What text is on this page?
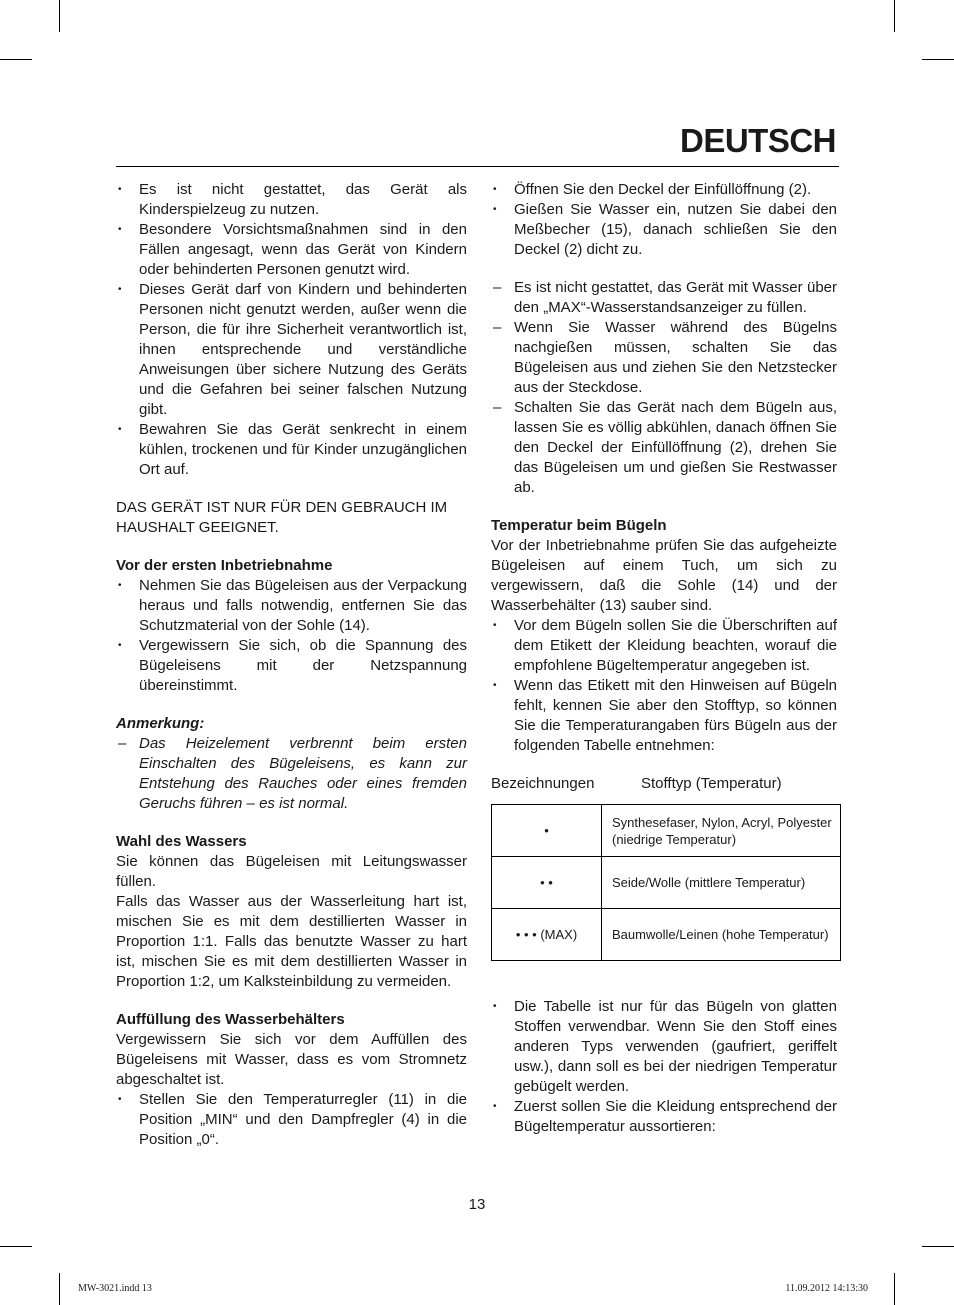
DEUTSCH
• Es ist nicht gestattet, das Gerät als Kinderspielzeug zu nutzen.
• Besondere Vorsichtsmaßnahmen sind in den Fällen angesagt, wenn das Gerät von Kindern oder behinderten Personen genutzt wird.
• Dieses Gerät darf von Kindern und behinderten Personen nicht genutzt werden, außer wenn die Person, die für ihre Sicherheit verantwortlich ist, ihnen entsprechende und verständliche Anweisungen über sichere Nutzung des Geräts und die Gefahren bei seiner falschen Nutzung gibt.
• Bewahren Sie das Gerät senkrecht in einem kühlen, trockenen und für Kinder unzugänglichen Ort auf.

DAS GERÄT IST NUR FÜR DEN GEBRAUCH IM HAUSHALT GEEIGNET.

Vor der ersten Inbetriebnahme

• Nehmen Sie das Bügeleisen aus der Verpackung heraus und falls notwendig, entfernen Sie das Schutzmaterial von der Sohle (14).
• Vergewissern Sie sich, ob die Spannung des Bügeleisens mit der Netzspannung übereinstimmt.

Anmerkung:

– Das Heizelement verbrennt beim ersten Einschalten des Bügeleisens, es kann zur Entstehung des Rauches oder eines fremden Geruchs führen – es ist normal.

Wahl des Wassers

Sie können das Bügeleisen mit Leitungswasser füllen.

Falls das Wasser aus der Wasserleitung hart ist, mischen Sie es mit dem destillierten Wasser in Proportion 1:1. Falls das benutzte Wasser zu hart ist, mischen Sie es mit dem destillierten Wasser in Proportion 1:2, um Kalksteinbildung zu vermeiden.

Auffüllung des Wasserbehälters

Vergewissern Sie sich vor dem Auffüllen des Bügeleisens mit Wasser, dass es vom Stromnetz abgeschaltet ist.

• Stellen Sie den Temperaturregler (11) in die Position „MIN“ und den Dampfregler (4) in die Position „0“.
• Öffnen Sie den Deckel der Einfüllöffnung (2).
• Gießen Sie Wasser ein, nutzen Sie dabei den Meßbecher (15), danach schließen Sie den Deckel (2) dicht zu.
– Es ist nicht gestattet, das Gerät mit Wasser über den „MAX“-Wasserstandsanzeiger zu füllen.
– Wenn Sie Wasser während des Bügelns nachgießen müssen, schalten Sie das Bügeleisen aus und ziehen Sie den Netzstecker aus der Steckdose.
– Schalten Sie das Gerät nach dem Bügeln aus, lassen Sie es völlig abkühlen, danach öffnen Sie den Deckel der Einfüllöffnung (2), drehen Sie das Bügeleisen um und gießen Sie Restwasser ab.

Temperatur beim Bügeln

Vor der Inbetriebnahme prüfen Sie das aufgeheizte Bügeleisen auf einem Tuch, um sich zu vergewissern, daß die Sohle (14) und der Wasserbehälter (13) sauber sind.

• Vor dem Bügeln sollen Sie die Überschriften auf dem Etikett der Kleidung beachten, worauf die empfohlene Bügeltemperatur angegeben ist.
• Wenn das Etikett mit den Hinweisen auf Bügeln fehlt, kennen Sie aber den Stofftyp, so können Sie die Temperaturangaben fürs Bügeln aus der folgenden Tabelle entnehmen:
Bezeichnungen	Stofftyp (Temperatur)
•	Synthesefaser, Nylon, Acryl, Polyester (niedrige Temperatur)
• •	Seide/Wolle (mittlere Temperatur)
• • • (MAX)	Baumwolle/Leinen (hohe Temperatur)
• Die Tabelle ist nur für das Bügeln von glatten Stoffen verwendbar. Wenn Sie den Stoff eines anderen Typs verwenden (gaufriert, geriffelt usw.), dann soll es bei der niedrigen Temperatur gebügelt werden.
• Zuerst sollen Sie die Kleidung entsprechend der Bügeltemperatur aussortieren:

13

MW-3021.indd 13	11.09.2012 14:13:30
